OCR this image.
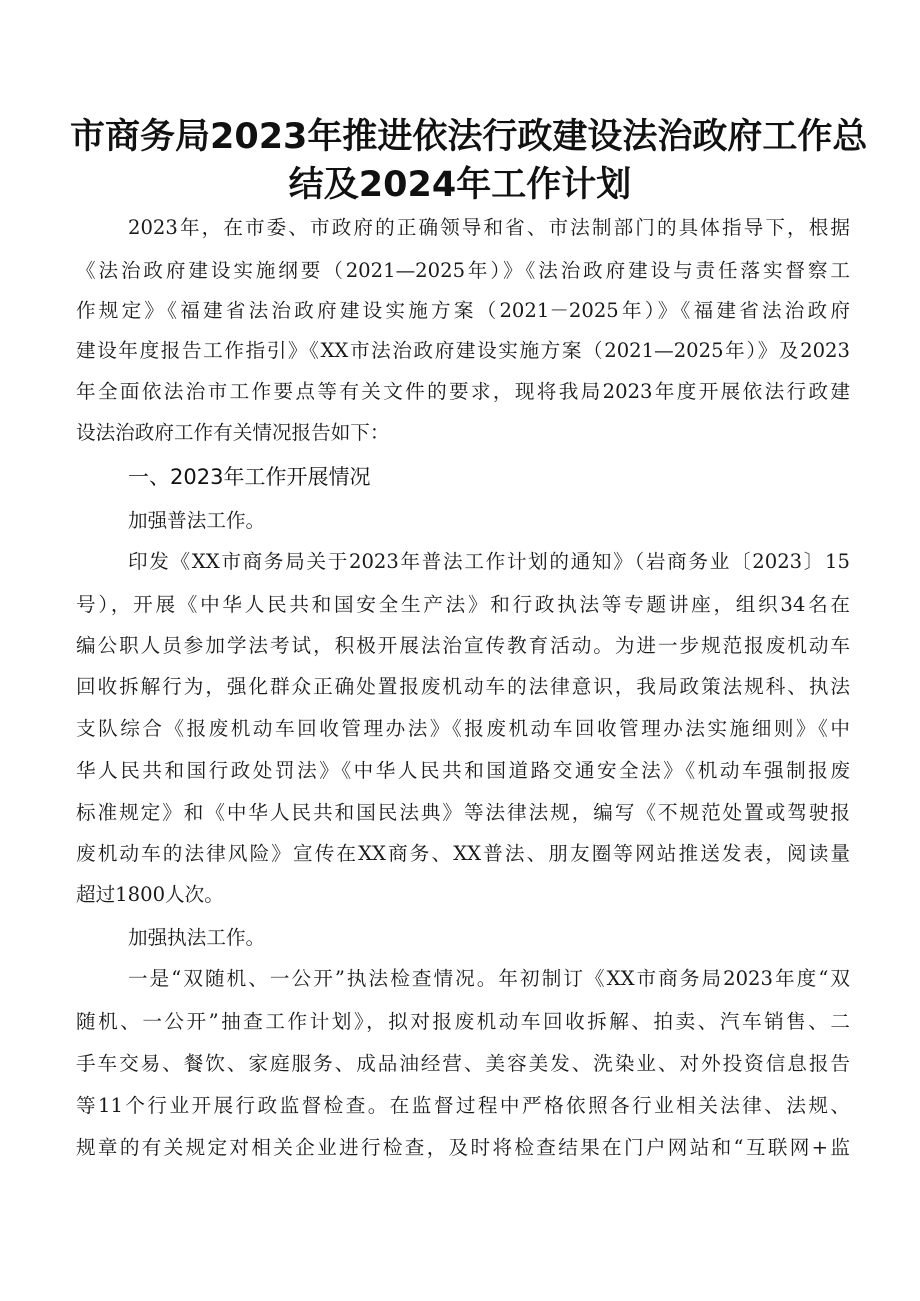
市商务局2023年推进依法行政建设法治政府工作总
结及2024年工作计划
2023年，在市委、市政府的正确领导和省、市法制部门的具体指导下，根据
《法治政府建设实施纲要（2021—2025年）》《法治政府建设与责任落实督察工
作规定》《福建省法治政府建设实施方案（2021－2025年）》《福建省法治政府
建设年度报告工作指引》《XX市法治政府建设实施方案（2021—2025年）》及2023
年全面依法治市工作要点等有关文件的要求，现将我局2023年度开展依法行政建
设法治政府工作有关情况报告如下：
一、2023年工作开展情况
加强普法工作。
印发《XX市商务局关于2023年普法工作计划的通知》（岩商务业〔2023〕15
号），开展《中华人民共和国安全生产法》和行政执法等专题讲座，组织34名在
编公职人员参加学法考试，积极开展法治宣传教育活动。为进一步规范报废机动车
回收拆解行为，强化群众正确处置报废机动车的法律意识，我局政策法规科、执法
支队综合《报废机动车回收管理办法》《报废机动车回收管理办法实施细则》《中
华人民共和国行政处罚法》《中华人民共和国道路交通安全法》《机动车强制报废
标准规定》和《中华人民共和国民法典》等法律法规，编写《不规范处置或驾驶报
废机动车的法律风险》宣传在XX商务、XX普法、朋友圈等网站推送发表，阅读量
超过1800人次。
加强执法工作。
一是“双随机、一公开”执法检查情况。年初制订《XX市商务局2023年度“双
随机、一公开”抽查工作计划》，拟对报废机动车回收拆解、拍卖、汽车销售、二
手车交易、餐饮、家庭服务、成品油经营、美容美发、洗染业、对外投资信息报告
等11个行业开展行政监督检查。在监督过程中严格依照各行业相关法律、法规、
规章的有关规定对相关企业进行检查，及时将检查结果在门户网站和“互联网+监
